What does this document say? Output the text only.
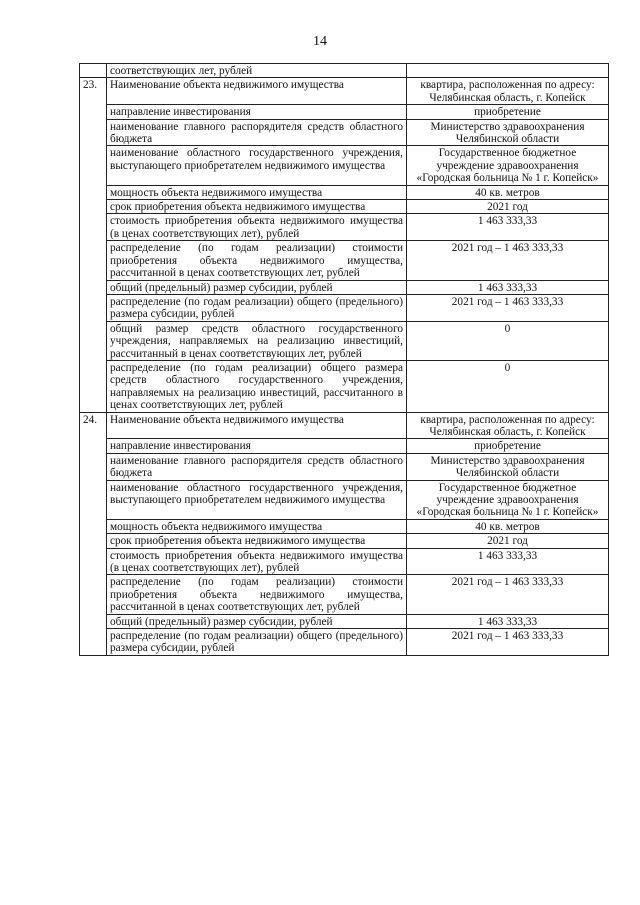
14
	соответствующих лет, рублей	
23.	Наименование объекта недвижимого имущества	квартира, расположенная по адресу: Челябинская область, г. Копейск
	направление инвестирования	приобретение
	наименование главного распорядителя средств областного бюджета	Министерство здравоохранения Челябинской области
	наименование областного государственного учреждения, выступающего приобретателем недвижимого имущества	Государственное бюджетное учреждение здравоохранения «Городская больница № 1 г. Копейск»
	мощность объекта недвижимого имущества	40 кв. метров
	срок приобретения объекта недвижимого имущества	2021 год
	стоимость приобретения объекта недвижимого имущества (в ценах соответствующих лет), рублей	1 463 333,33
	распределение (по годам реализации) стоимости приобретения объекта недвижимого имущества, рассчитанной в ценах соответствующих лет, рублей	2021 год – 1 463 333,33
	общий (предельный) размер субсидии, рублей	1 463 333,33
	распределение (по годам реализации) общего (предельного) размера субсидии, рублей	2021 год – 1 463 333,33
	общий размер средств областного государственного учреждения, направляемых на реализацию инвестиций, рассчитанный в ценах соответствующих лет, рублей	0
	распределение (по годам реализации) общего размера средств областного государственного учреждения, направляемых на реализацию инвестиций, рассчитанного в ценах соответствующих лет, рублей	0
24.	Наименование объекта недвижимого имущества	квартира, расположенная по адресу: Челябинская область, г. Копейск
	направление инвестирования	приобретение
	наименование главного распорядителя средств областного бюджета	Министерство здравоохранения Челябинской области
	наименование областного государственного учреждения, выступающего приобретателем недвижимого имущества	Государственное бюджетное учреждение здравоохранения «Городская больница № 1 г. Копейск»
	мощность объекта недвижимого имущества	40 кв. метров
	срок приобретения объекта недвижимого имущества	2021 год
	стоимость приобретения объекта недвижимого имущества (в ценах соответствующих лет), рублей	1 463 333,33
	распределение (по годам реализации) стоимости приобретения объекта недвижимого имущества, рассчитанной в ценах соответствующих лет, рублей	2021 год – 1 463 333,33
	общий (предельный) размер субсидии, рублей	1 463 333,33
	распределение (по годам реализации) общего (предельного) размера субсидии, рублей	2021 год – 1 463 333,33
